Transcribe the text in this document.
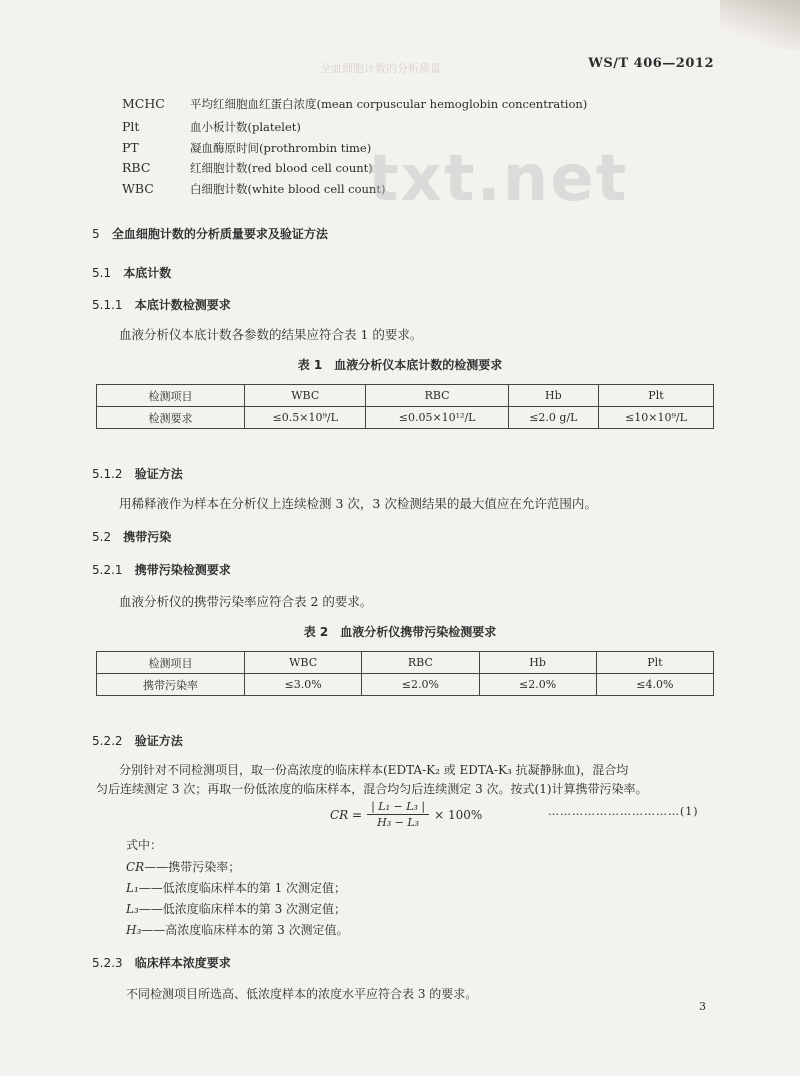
全血细胞计数的分析质量	WS/T 406—2012
MCHC	平均红细胞血红蛋白浓度(mean corpuscular hemoglobin concentration)
Plt	血小板计数(platelet)
PT	凝血酶原时间(prothrombin time)
RBC	红细胞计数(red blood cell count)
WBC	白细胞计数(white blood cell count)
txt.net
5 全血细胞计数的分析质量要求及验证方法
5.1 本底计数
5.1.1 本底计数检测要求
血液分析仪本底计数各参数的结果应符合表 1 的要求。
表 1　血液分析仪本底计数的检测要求
检测项目	WBC	RBC	Hb	Plt
检测要求	≤0.5×10⁹/L	≤0.05×10¹²/L	≤2.0 g/L	≤10×10⁹/L
5.1.2 验证方法
用稀释液作为样本在分析仪上连续检测 3 次，3 次检测结果的最大值应在允许范围内。
5.2 携带污染
5.2.1 携带污染检测要求
血液分析仪的携带污染率应符合表 2 的要求。
表 2　血液分析仪携带污染检测要求
检测项目	WBC	RBC	Hb	Plt
携带污染率	≤3.0%	≤2.0%	≤2.0%	≤4.0%
5.2.2 验证方法
分别针对不同检测项目，取一份高浓度的临床样本(EDTA-K₂ 或 EDTA-K₃ 抗凝静脉血)，混合均
匀后连续测定 3 次；再取一份低浓度的临床样本，混合均匀后连续测定 3 次。按式(1)计算携带污染率。
CR = $\frac{\text{| L₁ − L₃ |}}{\text{H₃ − L₃}} \times 100\%$	……………………………(1)
式中：
CR——携带污染率；
L₁——低浓度临床样本的第 1 次测定值；
L₃——低浓度临床样本的第 3 次测定值；
H₃——高浓度临床样本的第 3 次测定值。
5.2.3 临床样本浓度要求
不同检测项目所选高、低浓度样本的浓度水平应符合表 3 的要求。
3
